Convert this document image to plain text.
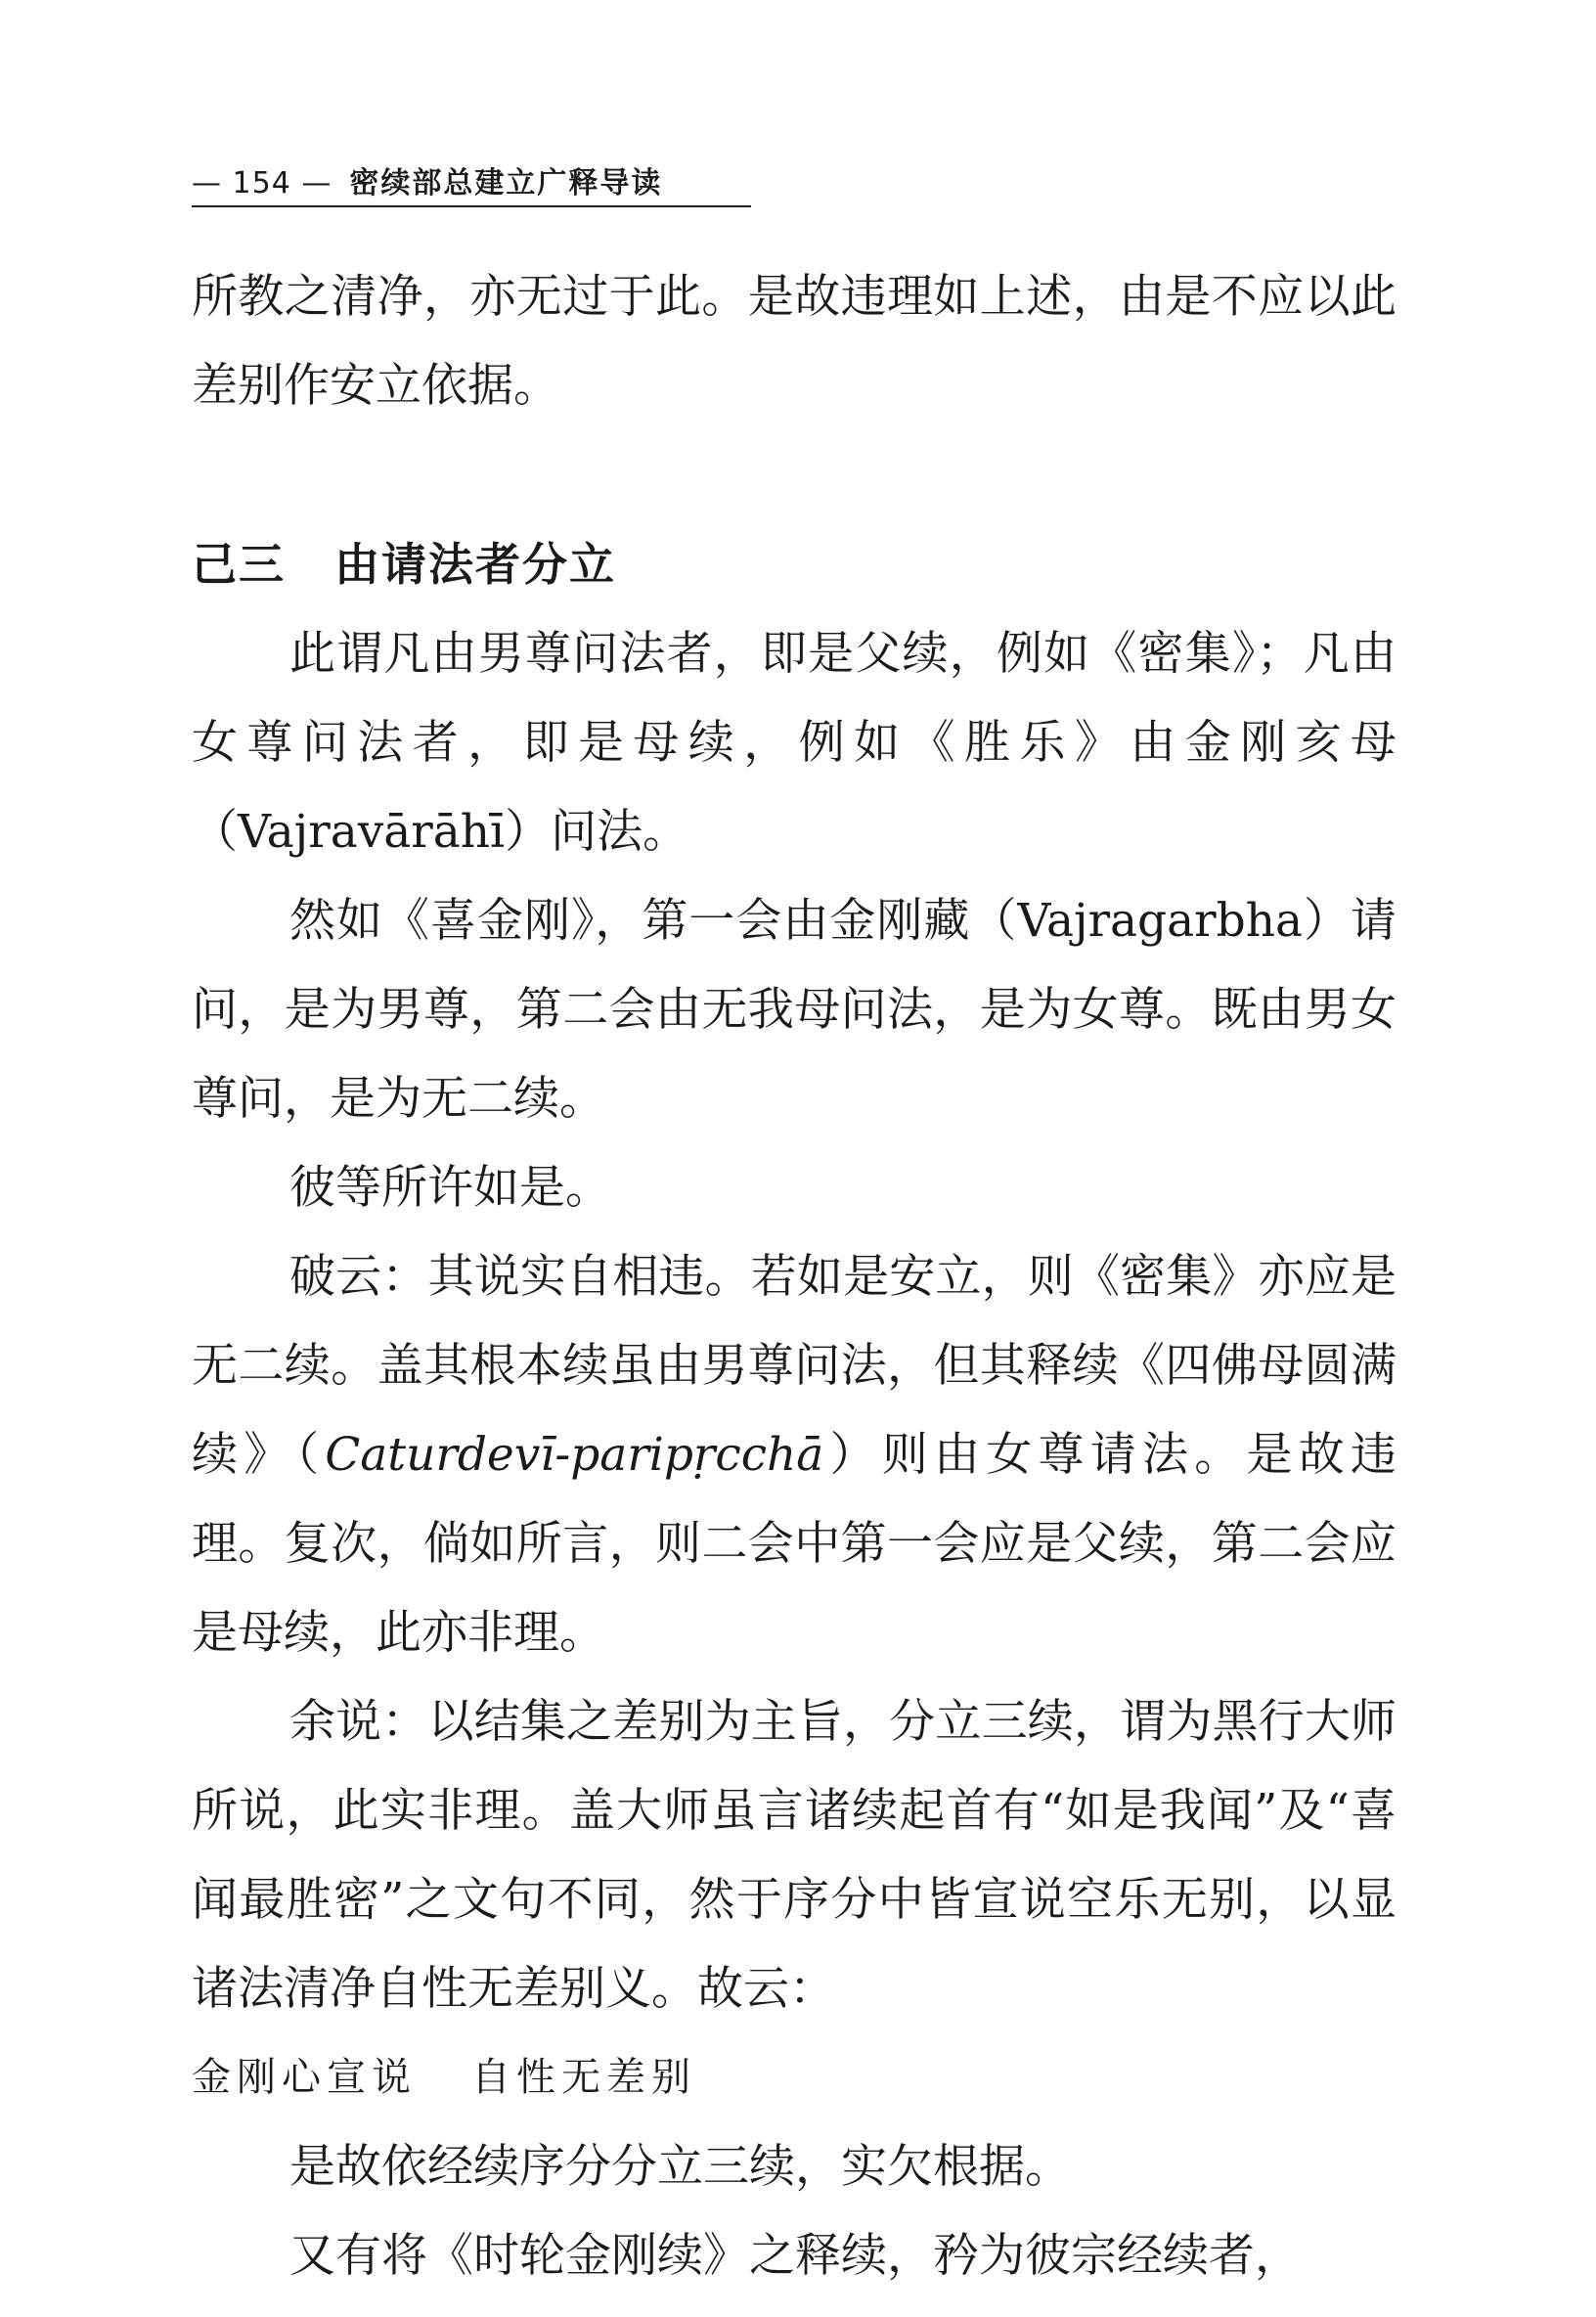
— 154 — 密续部总建立广释导读

所教之清净，亦无过于此。是故违理如上述，由是不应以此差别作安立依据。

己三 由请法者分立

此谓凡由男尊问法者，即是父续，例如《密集》；凡由女尊问法者，即是母续，例如《胜乐》由金刚亥母（Vajravārāhī）问法。

然如《喜金刚》，第一会由金刚藏（Vajragarbha）请问，是为男尊，第二会由无我母问法，是为女尊。既由男女尊问，是为无二续。

彼等所许如是。

破云：其说实自相违。若如是安立，则《密集》亦应是无二续。盖其根本续虽由男尊问法，但其释续《四佛母圆满续》（Caturdevī-paripṛcchā）则由女尊请法。是故违理。复次，倘如所言，则二会中第一会应是父续，第二会应是母续，此亦非理。

余说：以结集之差别为主旨，分立三续，谓为黑行大师所说，此实非理。盖大师虽言诸续起首有“如是我闻”及“喜闻最胜密”之文句不同，然于序分中皆宣说空乐无别，以显诸法清净自性无差别义。故云：

金刚心宣说 自性无差别

是故依经续序分分立三续，实欠根据。

又有将《时轮金刚续》之释续，矜为彼宗经续者，
